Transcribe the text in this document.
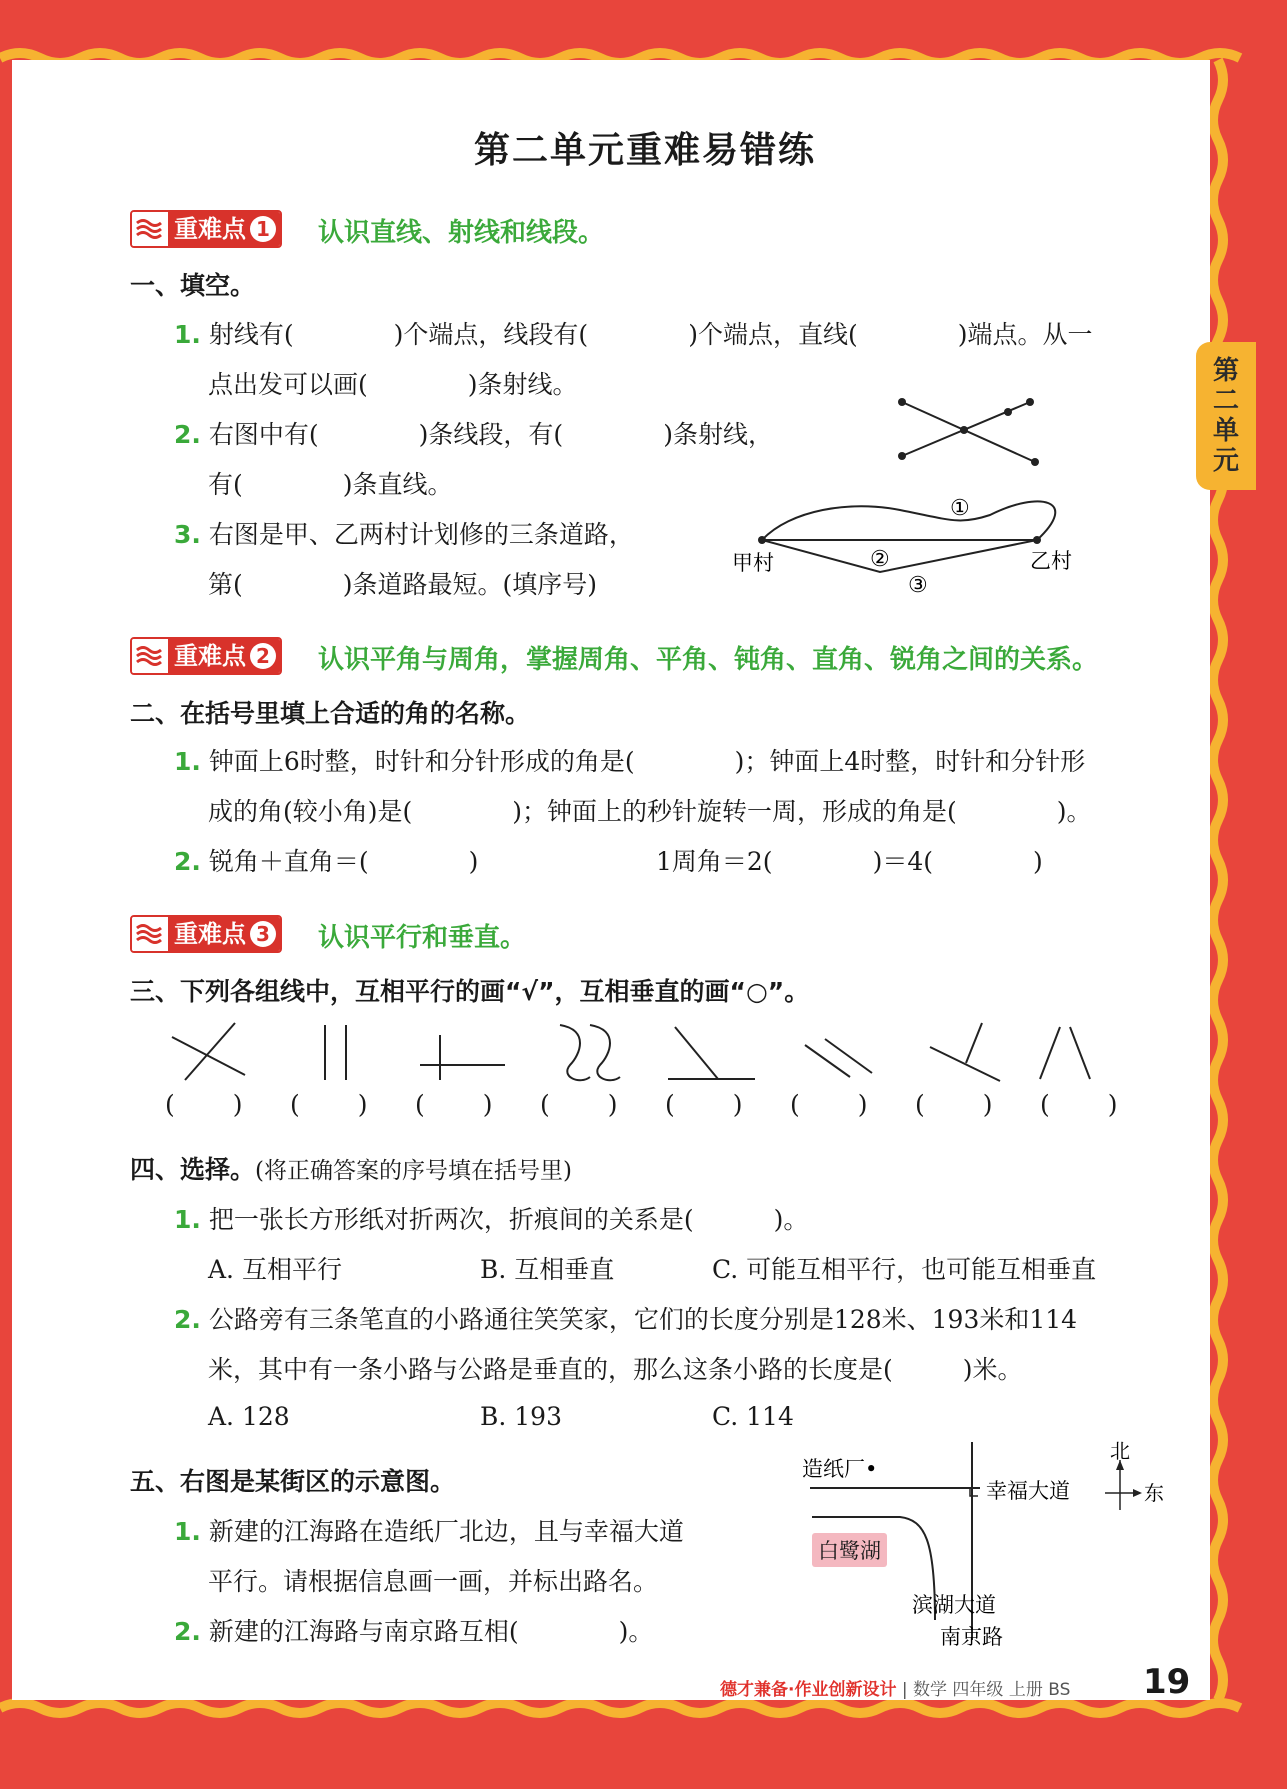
第
二
单
元
第二单元重难易错练
重难点 1 认识直线、射线和线段。
一、填空。
1. 射线有(	)个端点，线段有(	)个端点，直线(	)端点。从一
点出发可以画(	)条射线。
2. 右图中有(	)条线段，有(	)条射线，
有(	)条直线。
3. 右图是甲、乙两村计划修的三条道路，
第(	)条道路最短。(填序号)
甲村	乙村
①
②
③
重难点 2 认识平角与周角，掌握周角、平角、钝角、直角、锐角之间的关系。
二、在括号里填上合适的角的名称。
1. 钟面上6时整，时针和分针形成的角是(	)；钟面上4时整，时针和分针形
成的角(较小角)是(	)；钟面上的秒针旋转一周，形成的角是(	)。
2. 锐角＋直角＝(	)	1周角＝2(	)＝4(	)
重难点 3 认识平行和垂直。
三、下列各组线中，互相平行的画“√”，互相垂直的画“○”。
( ) ( ) ( ) ( ) ( ) ( ) ( ) ( )
四、选择。(将正确答案的序号填在括号里)
1. 把一张长方形纸对折两次，折痕间的关系是(	)。
A. 互相平行	B. 互相垂直	C. 可能互相平行，也可能互相垂直
2. 公路旁有三条笔直的小路通往笑笑家，它们的长度分别是128米、193米和114
米，其中有一条小路与公路是垂直的，那么这条小路的长度是(	)米。
A. 128	B. 193	C. 114
五、右图是某街区的示意图。
1. 新建的江海路在造纸厂北边，且与幸福大道
平行。请根据信息画一画，并标出路名。
2. 新建的江海路与南京路互相(	)。
造纸厂•
幸福大道
滨湖大道
南京路
北
东
白鹭湖
德才兼备·作业创新设计 | 数学 四年级 上册 BS 19
